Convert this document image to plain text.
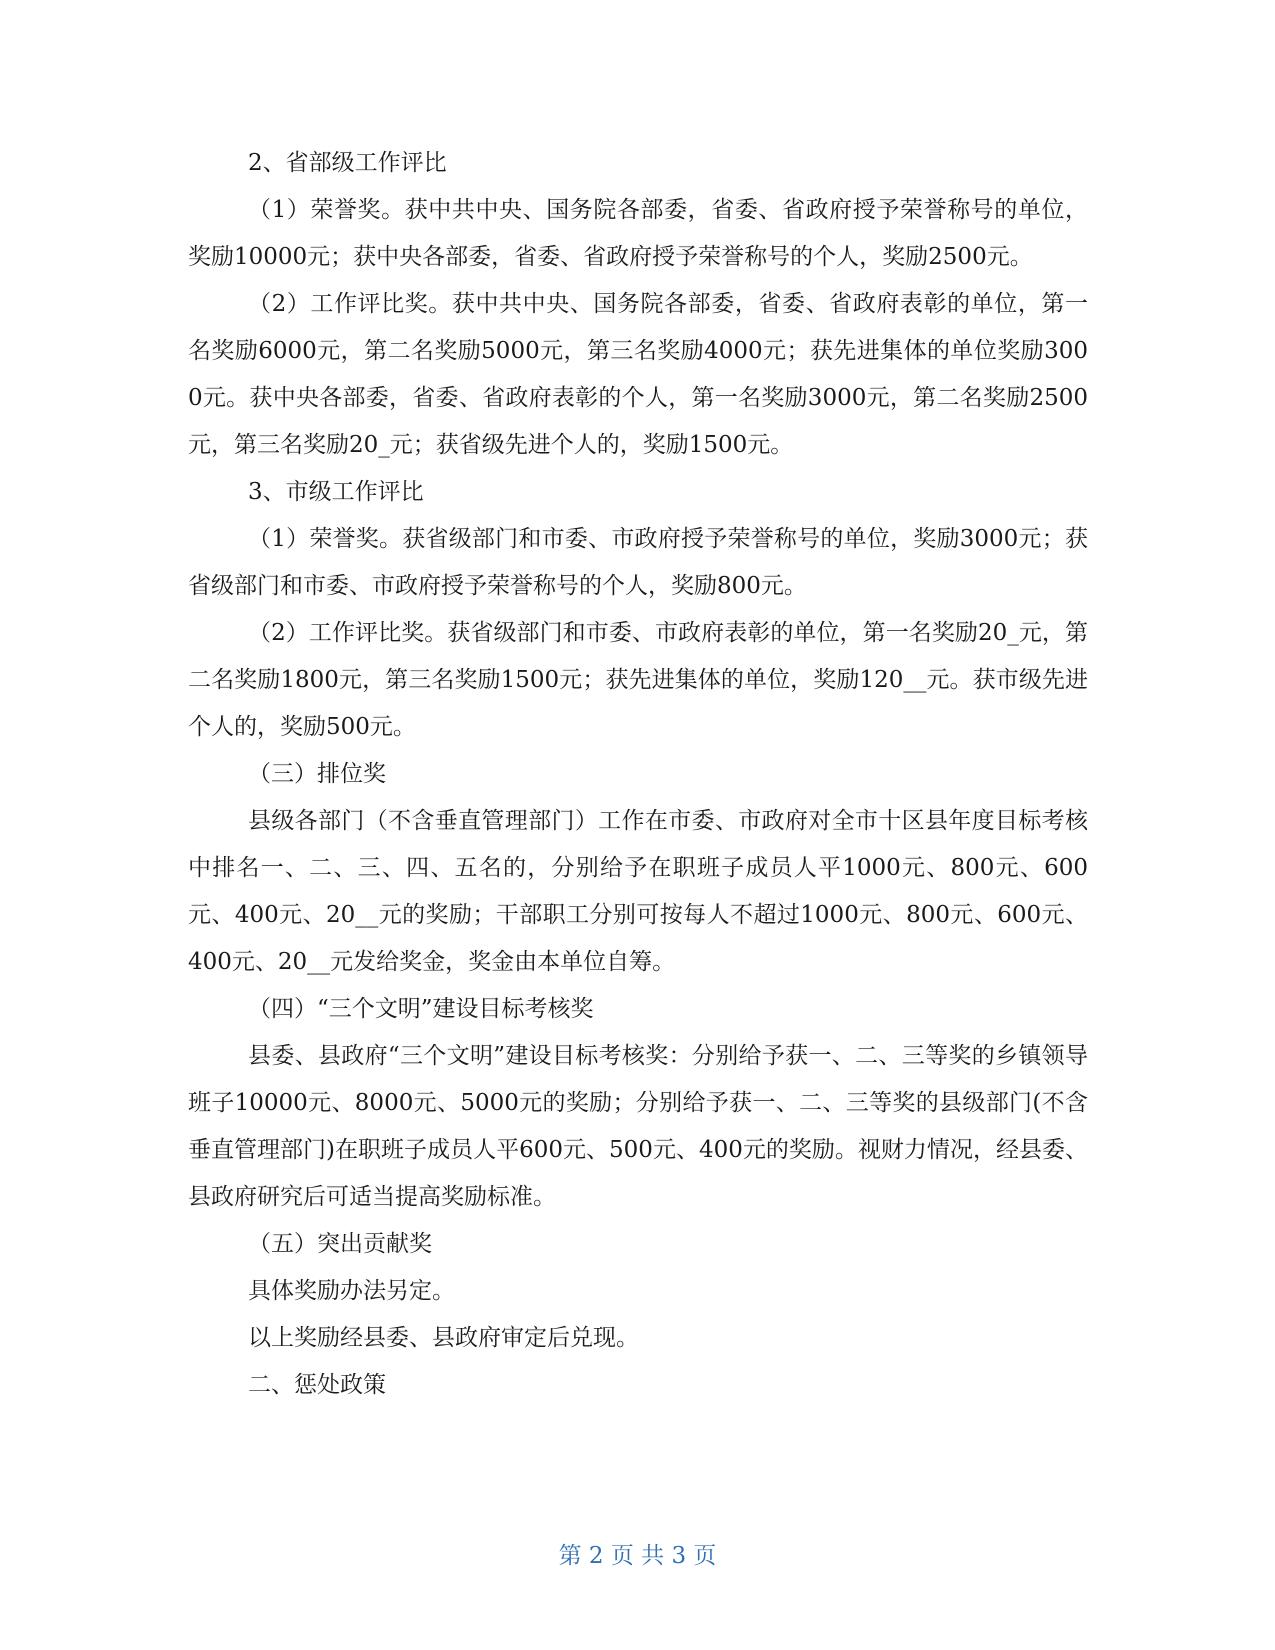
2、省部级工作评比

（1）荣誉奖。获中共中央、国务院各部委，省委、省政府授予荣誉称号的单位，奖励10000元；获中央各部委，省委、省政府授予荣誉称号的个人，奖励2500元。

（2）工作评比奖。获中共中央、国务院各部委，省委、省政府表彰的单位，第一名奖励6000元，第二名奖励5000元，第三名奖励4000元；获先进集体的单位奖励3000元。获中央各部委，省委、省政府表彰的个人，第一名奖励3000元，第二名奖励2500元，第三名奖励20_元；获省级先进个人的，奖励1500元。

3、市级工作评比

（1）荣誉奖。获省级部门和市委、市政府授予荣誉称号的单位，奖励3000元；获省级部门和市委、市政府授予荣誉称号的个人，奖励800元。

（2）工作评比奖。获省级部门和市委、市政府表彰的单位，第一名奖励20_元，第二名奖励1800元，第三名奖励1500元；获先进集体的单位，奖励120__元。获市级先进个人的，奖励500元。

（三）排位奖

县级各部门（不含垂直管理部门）工作在市委、市政府对全市十区县年度目标考核中排名一、二、三、四、五名的，分别给予在职班子成员人平1000元、800元、600元、400元、20__元的奖励；干部职工分别可按每人不超过1000元、800元、600元、400元、20__元发给奖金，奖金由本单位自筹。

（四）“三个文明”建设目标考核奖

县委、县政府“三个文明”建设目标考核奖：分别给予获一、二、三等奖的乡镇领导班子10000元、8000元、5000元的奖励；分别给予获一、二、三等奖的县级部门(不含垂直管理部门)在职班子成员人平600元、500元、400元的奖励。视财力情况，经县委、县政府研究后可适当提高奖励标准。

（五）突出贡献奖

具体奖励办法另定。

以上奖励经县委、县政府审定后兑现。

二、惩处政策

第 2 页 共 3 页
